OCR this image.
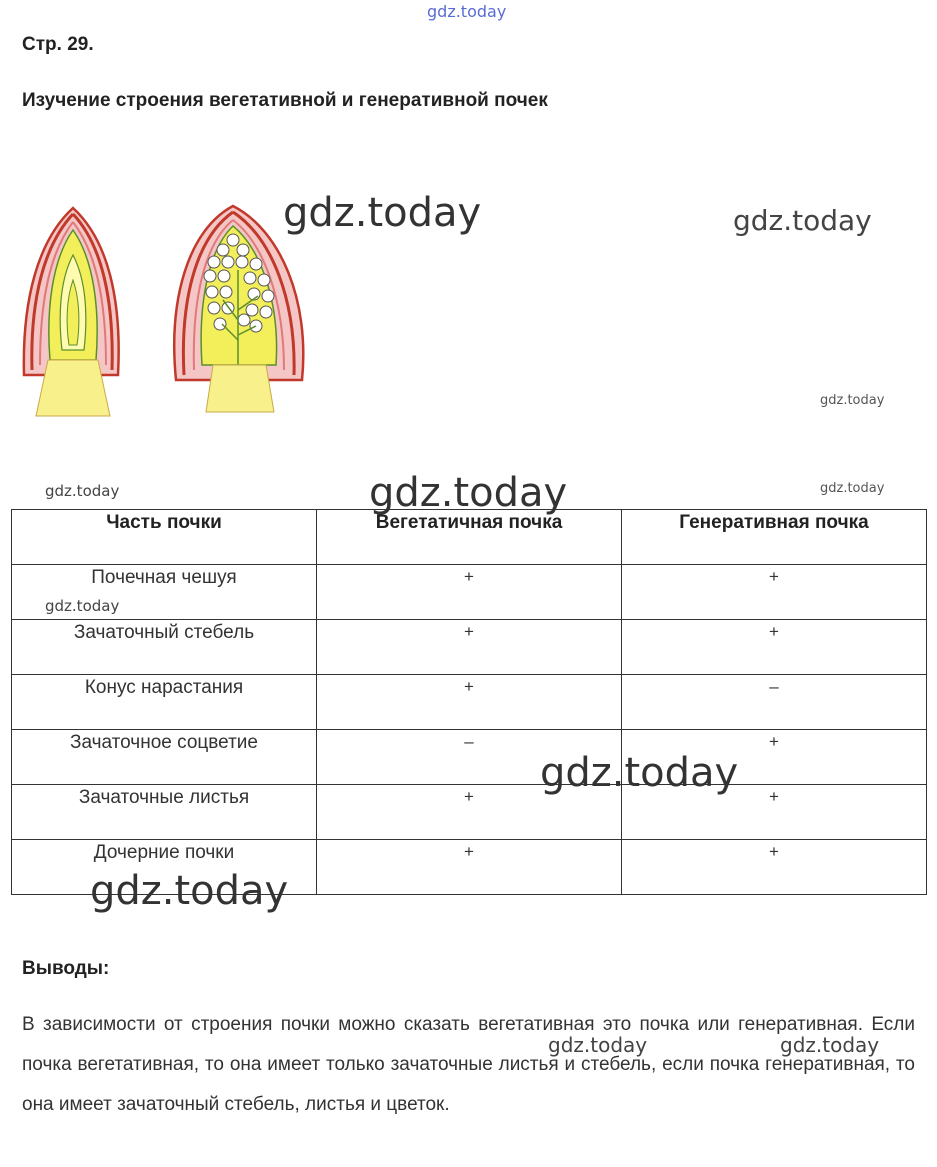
Стр. 29.
Изучение строения вегетативной и генеративной почек
gdz.today
gdz.today	gdz.today
gdz.today
gdz.today	gdz.today	gdz.today
Часть почки	Вегетатичная почка	Генеративная почка
Почечная чешуя	+	+
Зачаточный стебель	+	+
Конус нарастания	+	–
Зачаточное соцветие	–	+
Зачаточные листья	+	+
Дочерние почки	+	+
gdz.today
gdz.today
gdz.today
Выводы:
В зависимости от строения почки можно сказать вегетативная это почка или генеративная. Если почка вегетативная, то она имеет только зачаточные листья и стебель, если почка генеративная, то она имеет зачаточный стебель, листья и цветок.
gdz.today	gdz.today
